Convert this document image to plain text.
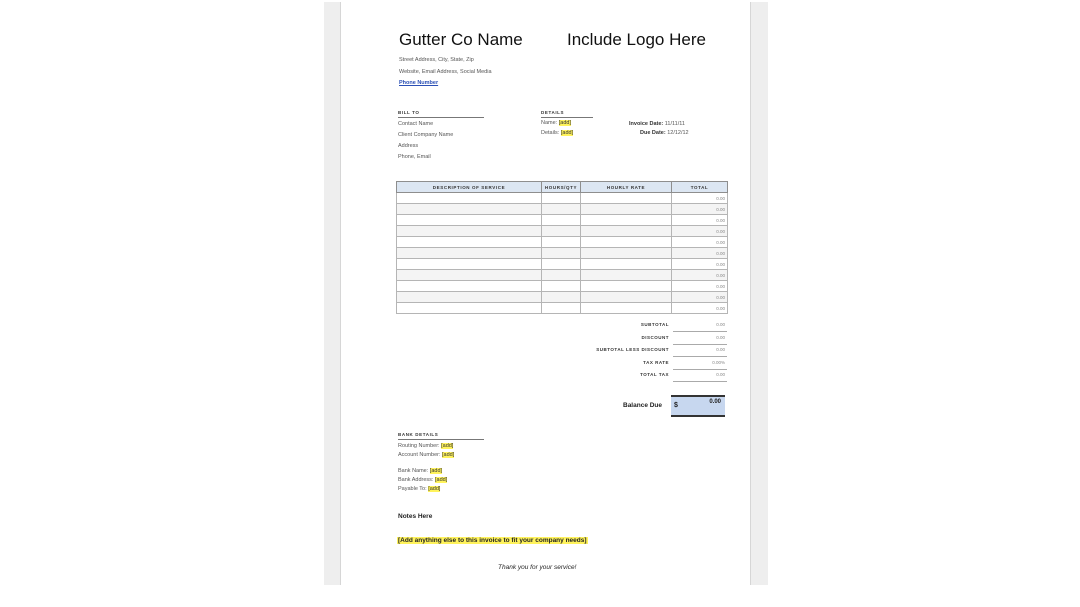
Gutter Co Name	Include Logo Here
Street Address, City, State, Zip
Website, Email Address, Social Media
Phone Number
BILL TO
Contact Name
Client Company Name
Address
Phone, Email
DETAILS
Name: [add]
Details: [add]
Invoice Date: 11/11/11
Due Date: 12/12/12
DESCRIPTION OF SERVICE	HOURS/QTY	HOURLY RATE	TOTAL
			0.00
			0.00
			0.00
			0.00
			0.00
			0.00
			0.00
			0.00
			0.00
			0.00
			0.00
SUBTOTAL	0.00
DISCOUNT	0.00
SUBTOTAL LESS DISCOUNT	0.00
TAX RATE	0.00%
TOTAL TAX	0.00
Balance Due $	0.00
BANK DETAILS
Routing Number: [add]
Account Number: [add]
Bank Name: [add]
Bank Address: [add]
Payable To: [add]
Notes Here
[Add anything else to this invoice to fit your company needs]
Thank you for your service!
